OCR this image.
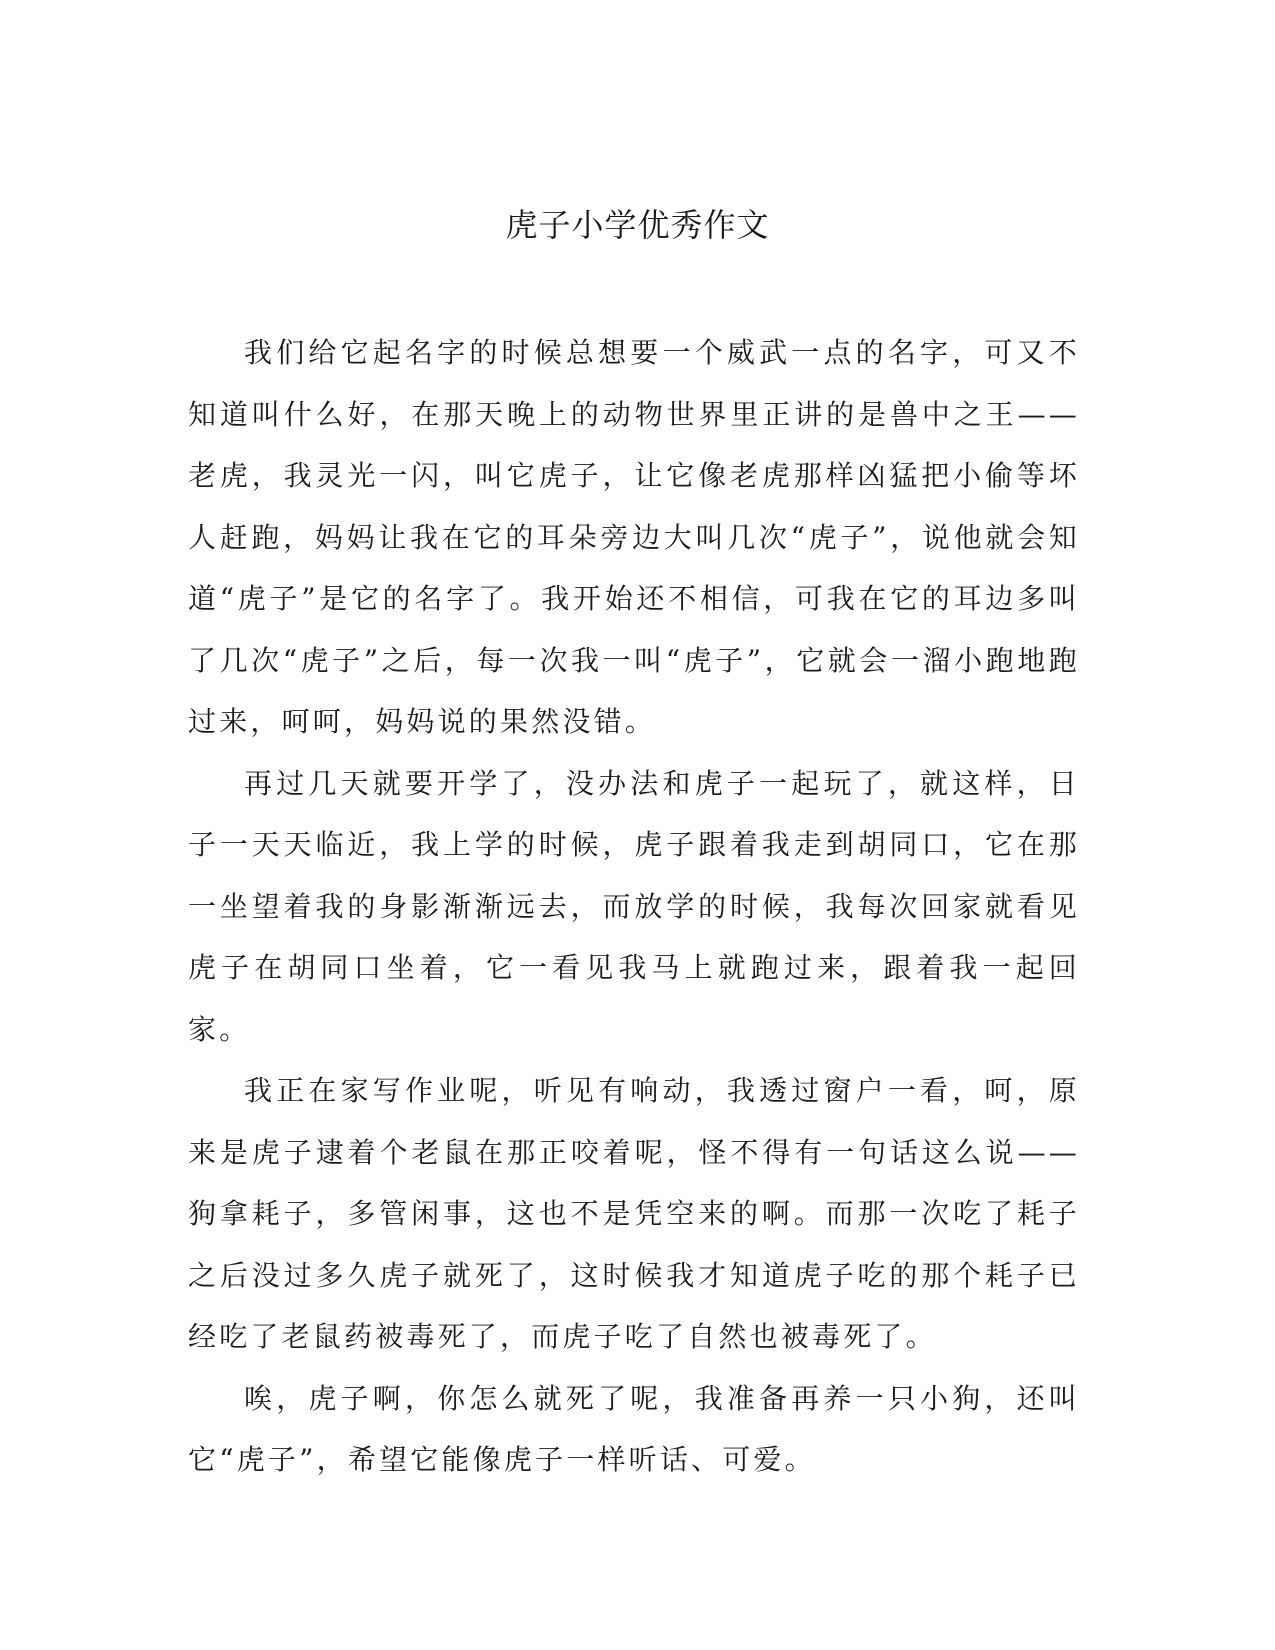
虎子小学优秀作文

我们给它起名字的时候总想要一个威武一点的名字，可又不知道叫什么好，在那天晚上的动物世界里正讲的是兽中之王——老虎，我灵光一闪，叫它虎子，让它像老虎那样凶猛把小偷等坏人赶跑，妈妈让我在它的耳朵旁边大叫几次“虎子”，说他就会知道“虎子”是它的名字了。我开始还不相信，可我在它的耳边多叫了几次“虎子”之后，每一次我一叫“虎子”，它就会一溜小跑地跑过来，呵呵，妈妈说的果然没错。

再过几天就要开学了，没办法和虎子一起玩了，就这样，日子一天天临近，我上学的时候，虎子跟着我走到胡同口，它在那一坐望着我的身影渐渐远去，而放学的时候，我每次回家就看见虎子在胡同口坐着，它一看见我马上就跑过来，跟着我一起回家。

我正在家写作业呢，听见有响动，我透过窗户一看，呵，原来是虎子逮着个老鼠在那正咬着呢，怪不得有一句话这么说——狗拿耗子，多管闲事，这也不是凭空来的啊。而那一次吃了耗子之后没过多久虎子就死了，这时候我才知道虎子吃的那个耗子已经吃了老鼠药被毒死了，而虎子吃了自然也被毒死了。

唉，虎子啊，你怎么就死了呢，我准备再养一只小狗，还叫它“虎子”，希望它能像虎子一样听话、可爱。
